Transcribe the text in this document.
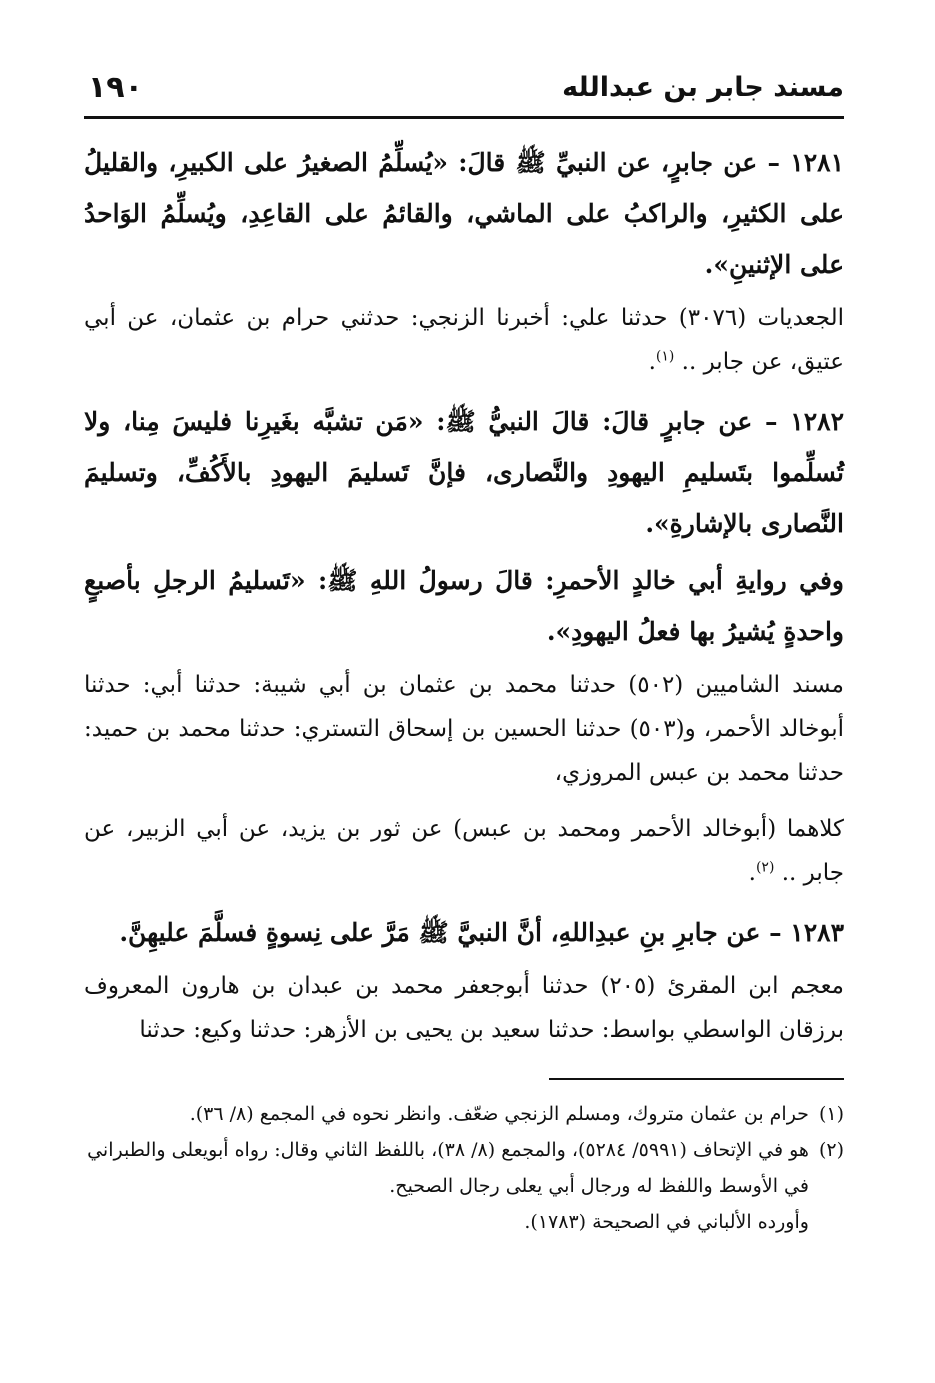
مسند جابر بن عبدالله
١٩٠

١٢٨١ – عن جابرٍ، عن النبيِّ ﷺ قالَ: «يُسلِّمُ الصغيرُ على الكبيرِ، والقليلُ على الكثيرِ، والراكبُ على الماشي، والقائمُ على القاعِدِ، ويُسلِّمُ الوَاحدُ على الإثنينِ».

الجعديات (٣٠٧٦) حدثنا علي: أخبرنا الزنجي: حدثني حرام بن عثمان، عن أبي عتيق، عن جابر .. $^{(١)}$.

١٢٨٢ – عن جابرٍ قالَ: قالَ النبيُّ ﷺ: «مَن تشبَّه بغَيرِنا فليسَ مِنا، ولا تُسلِّموا بتَسليمِ اليهودِ والنَّصارى، فإنَّ تَسليمَ اليهودِ بالأَكُفِّ، وتسليمَ النَّصارى بالإشارةِ».

وفي روايةِ أبي خالدٍ الأحمرِ: قالَ رسولُ اللهِ ﷺ: «تَسليمُ الرجلِ بأصبعٍ واحدةٍ يُشيرُ بها فعلُ اليهودِ».

مسند الشاميين (٥٠٢) حدثنا محمد بن عثمان بن أبي شيبة: حدثنا أبي: حدثنا أبوخالد الأحمر، و(٥٠٣) حدثنا الحسين بن إسحاق التستري: حدثنا محمد بن حميد: حدثنا محمد بن عبس المروزي،

كلاهما (أبوخالد الأحمر ومحمد بن عبس) عن ثور بن يزيد، عن أبي الزبير، عن جابر .. $^{(٢)}$.

١٢٨٣ – عن جابرِ بنِ عبدِاللهِ، أنَّ النبيَّ ﷺ مَرَّ على نِسوةٍ فسلَّمَ عليهِنَّ.

معجم ابن المقرئ (٢٠٥) حدثنا أبوجعفر محمد بن عبدان بن هارون المعروف برزقان الواسطي بواسط: حدثنا سعيد بن يحيى بن الأزهر: حدثنا وكيع: حدثنا

(١)
حرام بن عثمان متروك، ومسلم الزنجي ضعّف. وانظر نحوه في المجمع (٨/ ٣٦).
(٢)
هو في الإتحاف (٥٩٩١/ ٥٢٨٤)، والمجمع (٨/ ٣٨)، باللفظ الثاني وقال: رواه أبويعلى والطبراني في الأوسط واللفظ له ورجال أبي يعلى رجال الصحيح.
وأورده الألباني في الصحيحة (١٧٨٣).
